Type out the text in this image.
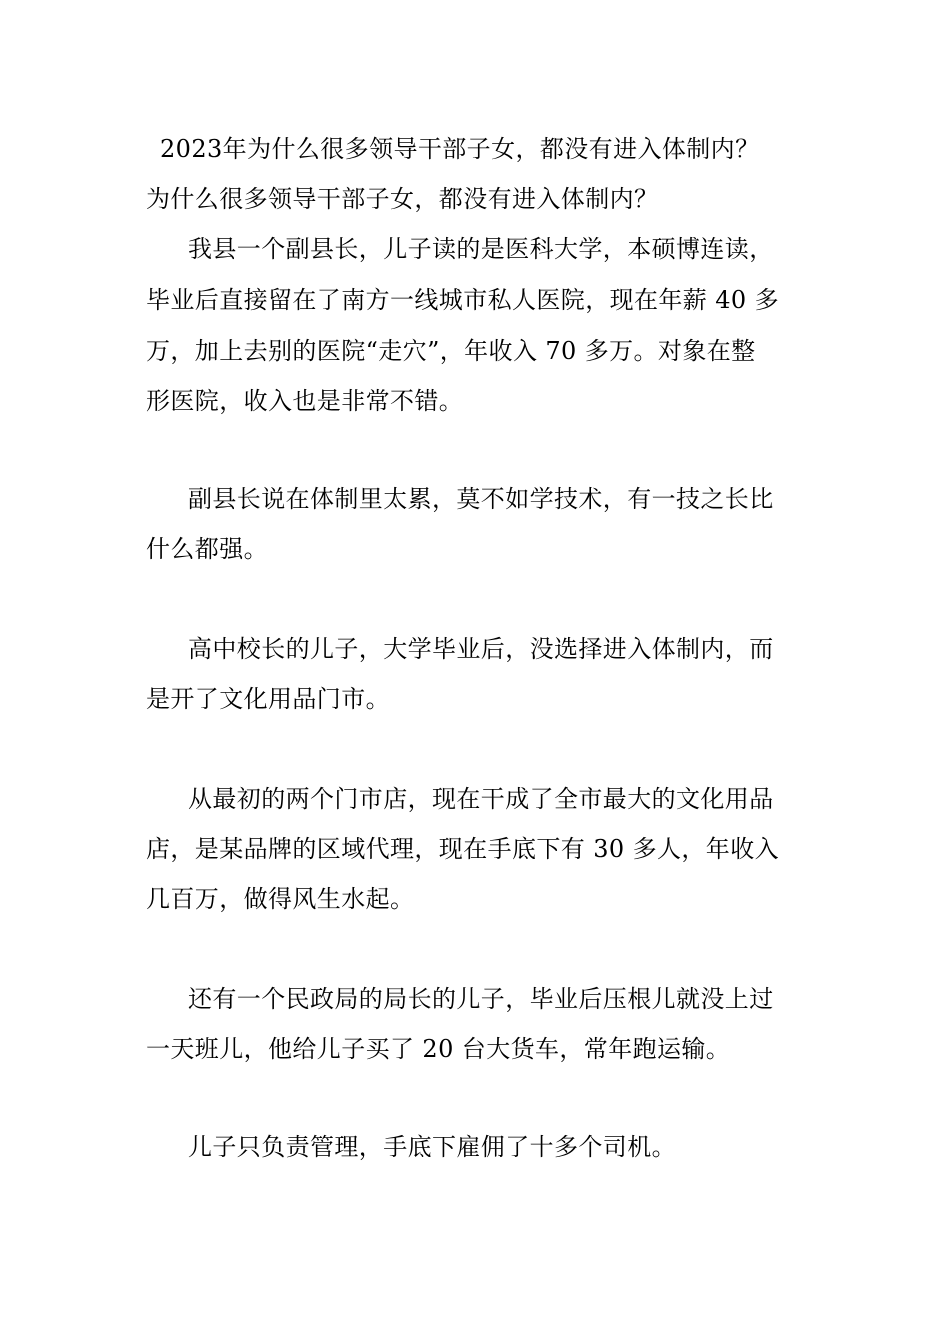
2023年为什么很多领导干部子女，都没有进入体制内？
为什么很多领导干部子女，都没有进入体制内？
我县一个副县长，儿子读的是医科大学，本硕博连读，
毕业后直接留在了南方一线城市私人医院，现在年薪 40 多
万，加上去别的医院“走穴”，年收入 70 多万。对象在整
形医院，收入也是非常不错。
副县长说在体制里太累，莫不如学技术，有一技之长比
什么都强。
高中校长的儿子，大学毕业后，没选择进入体制内，而
是开了文化用品门市。
从最初的两个门市店，现在干成了全市最大的文化用品
店，是某品牌的区域代理，现在手底下有 30 多人，年收入
几百万，做得风生水起。
还有一个民政局的局长的儿子，毕业后压根儿就没上过
一天班儿，他给儿子买了 20 台大货车，常年跑运输。
儿子只负责管理，手底下雇佣了十多个司机。
